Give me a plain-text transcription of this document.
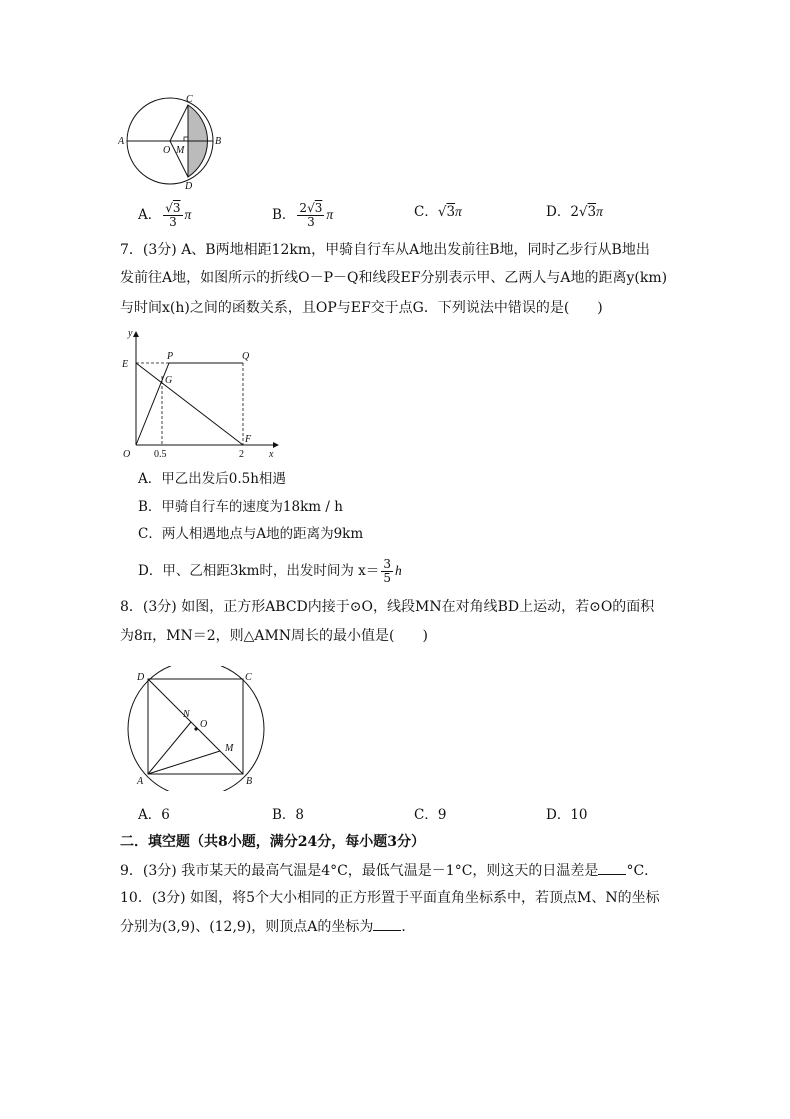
A
O M
B
C
D
A． $\frac{√3}{3}$ π	B． $\frac{2√3}{3}$ π	C．√3π	D．2√3π
7．(3分) A、B两地相距12km，甲骑自行车从A地出发前往B地，同时乙步行从B地出
发前往A地，如图所示的折线O－P－Q和线段EF分别表示甲、乙两人与A地的距离y(km)
与时间x(h)之间的函数关系，且OP与EF交于点G．下列说法中错误的是(　　)
y
E
P	Q
G
F
O 0.5	2	x
A．甲乙出发后0.5h相遇
B．甲骑自行车的速度为18km / h
C．两人相遇地点与A地的距离为9km
D．甲、乙相距3km时，出发时间为 $x= \frac{3}{5}$ h
8．(3分) 如图，正方形ABCD内接于⊙O，线段MN在对角线BD上运动，若⊙O的面积
为8π，MN＝2，则△AMN周长的最小值是(　　)
D	C
N
O
M
A	B
A．6	B．8	C．9	D．10
二．填空题（共8小题，满分24分，每小题3分）
9．(3分) 我市某天的最高气温是4°C，最低气温是－1°C，则这天的日温差是 °C．
10．(3分) 如图，将5个大小相同的正方形置于平面直角坐标系中，若顶点M、N的坐标
分别为(3,9)、(12,9)，则顶点A的坐标为 ．
